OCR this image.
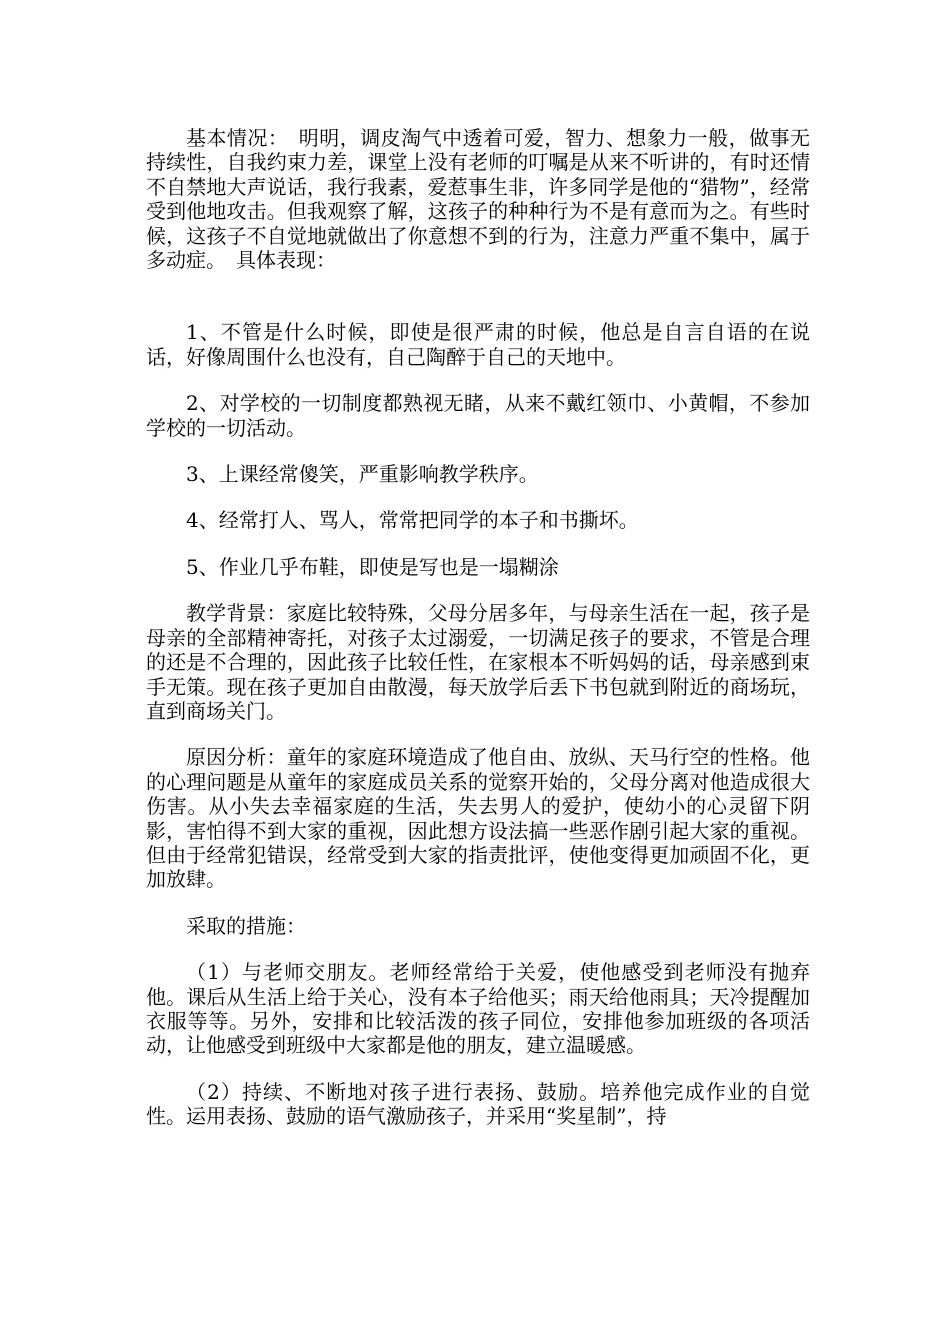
基本情况：　明明，调皮淘气中透着可爱，智力、想象力一般，做事无持续性，自我约束力差，课堂上没有老师的叮嘱是从来不听讲的，有时还情不自禁地大声说话，我行我素，爱惹事生非，许多同学是他的“猎物”，经常受到他地攻击。但我观察了解，这孩子的种种行为不是有意而为之。有些时候，这孩子不自觉地就做出了你意想不到的行为，注意力严重不集中，属于多动症。　具体表现：

1、不管是什么时候，即使是很严肃的时候，他总是自言自语的在说话，好像周围什么也没有，自己陶醉于自己的天地中。

2、对学校的一切制度都熟视无睹，从来不戴红领巾、小黄帽，不参加学校的一切活动。

3、上课经常傻笑，严重影响教学秩序。

4、经常打人、骂人，常常把同学的本子和书撕坏。

5、作业几乎布鞋，即使是写也是一塌糊涂

教学背景：家庭比较特殊，父母分居多年，与母亲生活在一起，孩子是母亲的全部精神寄托，对孩子太过溺爱，一切满足孩子的要求，不管是合理的还是不合理的，因此孩子比较任性，在家根本不听妈妈的话，母亲感到束手无策。现在孩子更加自由散漫，每天放学后丢下书包就到附近的商场玩，直到商场关门。

原因分析：童年的家庭环境造成了他自由、放纵、天马行空的性格。他的心理问题是从童年的家庭成员关系的觉察开始的，父母分离对他造成很大伤害。从小失去幸福家庭的生活，失去男人的爱护，使幼小的心灵留下阴影，害怕得不到大家的重视，因此想方设法搞一些恶作剧引起大家的重视。但由于经常犯错误，经常受到大家的指责批评，使他变得更加顽固不化，更加放肆。

采取的措施：

（1）与老师交朋友。老师经常给于关爱，使他感受到老师没有抛弃他。课后从生活上给于关心，没有本子给他买；雨天给他雨具；天冷提醒加衣服等等。另外，安排和比较活泼的孩子同位，安排他参加班级的各项活动，让他感受到班级中大家都是他的朋友，建立温暖感。

（2）持续、不断地对孩子进行表扬、鼓励。培养他完成作业的自觉性。运用表扬、鼓励的语气激励孩子，并采用“奖星制”，持
